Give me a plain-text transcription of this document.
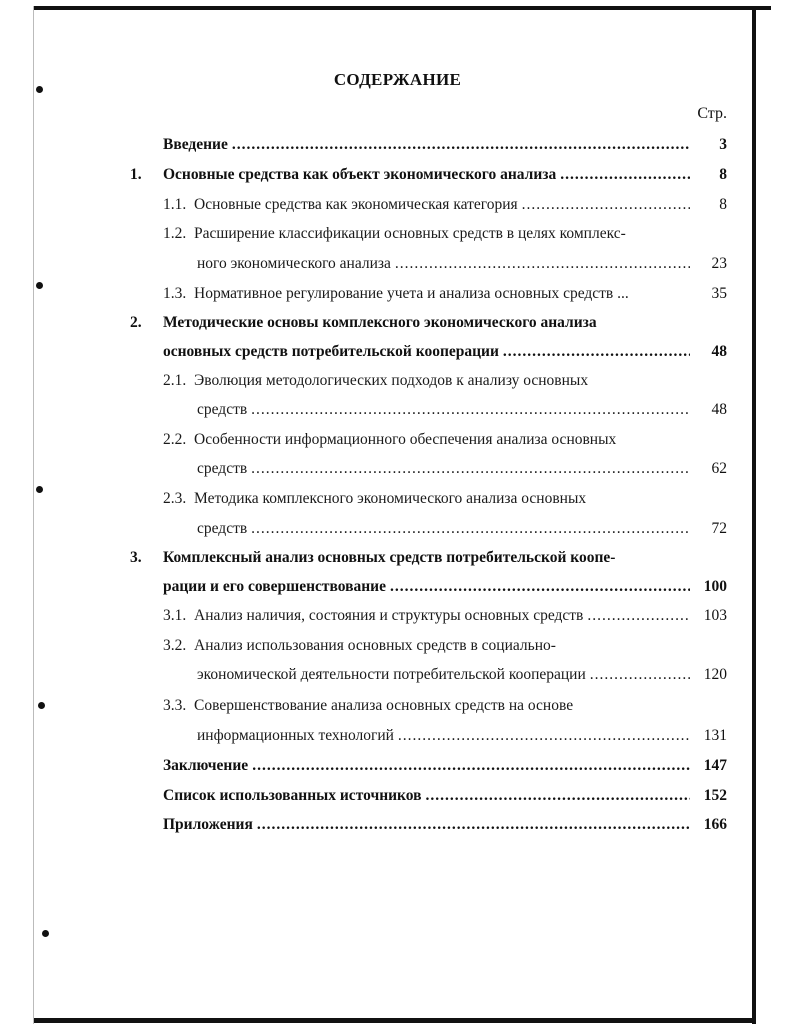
СОДЕРЖАНИЕ
Стр.
Введение .....	3
1. Основные средства как объект экономического анализа .....	8
1.1.
Основные средства как экономическая категория .....	8
1.2.
Расширение классификации основных средств в целях комплекс-
ного экономического анализа .....	23
1.3.
Нормативное регулирование учета и анализа основных средств ...	35
2. Методические основы комплексного экономического анализа
основных средств потребительской кооперации .....	48
2.1.
Эволюция методологических подходов к анализу основных
средств .....	48
2.2.
Особенности информационного обеспечения анализа основных
средств .....	62
2.3.
Методика комплексного экономического анализа основных
средств .....	72
3. Комплексный анализ основных средств потребительской коопе-
рации и его совершенствование .....	100
3.1.
Анализ наличия, состояния и структуры основных средств .....	103
3.2.
Анализ использования основных средств в социально-
экономической деятельности потребительской кооперации .....	120
3.3.
Совершенствование анализа основных средств на основе
информационных технологий .....	131
Заключение .....	147
Список использованных источников .....	152
Приложения .....	166
